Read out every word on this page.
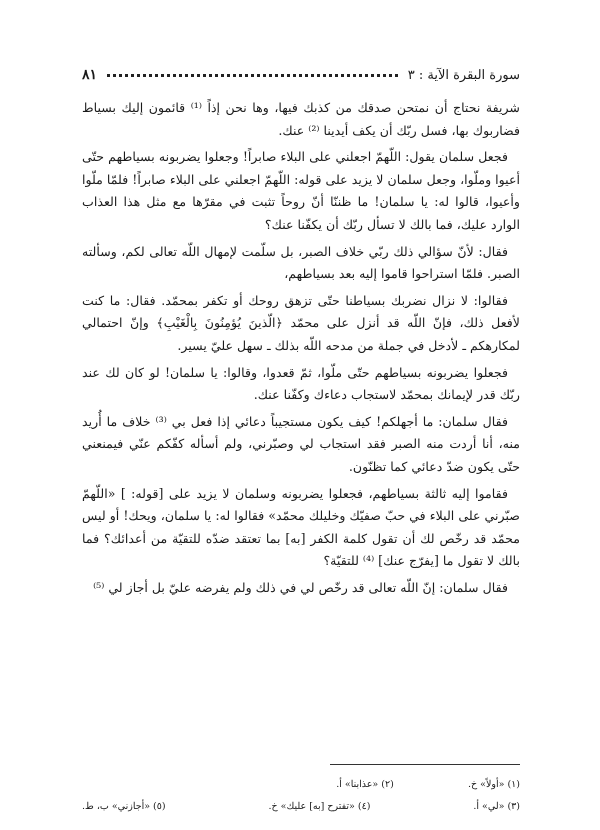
سورة البقرة الآية : ٣
٨١

شريفة نحتاج أن نمتحن صدقك من كذبك فيها، وها نحن إذاً ⁽¹⁾ قائمون إليك بسياط فضاربوك بها، فسل ربّك أن يكف أيدينا ⁽²⁾ عنك.

فجعل سلمان يقول: اللّهمّ اجعلني على البلاء صابراً! وجعلوا يضربونه بسياطهم حتّى أعيوا وملّوا، وجعل سلمان لا يزيد على قوله: اللّهمّ اجعلني على البلاء صابراً! فلمّا ملّوا وأعيوا، قالوا له: يا سلمان! ما ظننّا أنّ روحاً تثبت في مقرّها مع مثل هذا العذاب الوارد عليك، فما بالك لا تسأل ربّك أن يكفّنا عنك؟

فقال: لأنّ سؤالي ذلك ربّي خلاف الصبر، بل سلّمت لإمهال اللّه تعالى لكم، وسألته الصبر. فلمّا استراحوا قاموا إليه بعد بسياطهم،

فقالوا: لا نزال نضربك بسياطنا حتّى تزهق روحك أو تكفر بمحمّد. فقال: ما كنت لأفعل ذلك، فإنّ اللّه قد أنزل على محمّد ﴿الّذينَ يُؤمِنُونَ بِالْغَيْبِ﴾ وإنّ احتمالي لمكارهكم ـ لأدخل في جملة من مدحه اللّه بذلك ـ سهل عليّ يسير.

فجعلوا يضربونه بسياطهم حتّى ملّوا، ثمّ قعدوا، وقالوا: يا سلمان! لو كان لك عند ربّك قدر لإيمانك بمحمّد لاستجاب دعاءك وكفّنا عنك.

فقال سلمان: ما أجهلكم! كيف يكون مستجيباً دعائي إذا فعل بي ⁽³⁾ خلاف ما أُريد منه، أنا أردت منه الصبر فقد استجاب لي وصبّرني، ولم أسأله كفّكم عنّي فيمنعني حتّى يكون ضدّ دعائي كما تظنّون.

فقاموا إليه ثالثة بسياطهم، فجعلوا يضربونه وسلمان لا يزيد على [قوله: ] «اللّهمّ صبّرني على البلاء في حبّ صفيّك وخليلك محمّد» فقالوا له: يا سلمان، ويحك! أو ليس محمّد قد رخّص لك أن تقول كلمة الكفر [به] بما تعتقد ضدّه للتقيّة من أعدائك؟ فما بالك لا تقول ما [يفرّج عنك] ⁽⁴⁾ للتقيّة؟

فقال سلمان: إنّ اللّه تعالى قد رخّص لي في ذلك ولم يفرضه عليّ بل أجاز لي ⁽⁵⁾

(١) «أولاً» خ.
(٢) «عذابنا» أ.
(٣) «لي» أ.
(٤) «تفترح [به] عليك» خ.
(٥) «أجازني» ب، ط.
